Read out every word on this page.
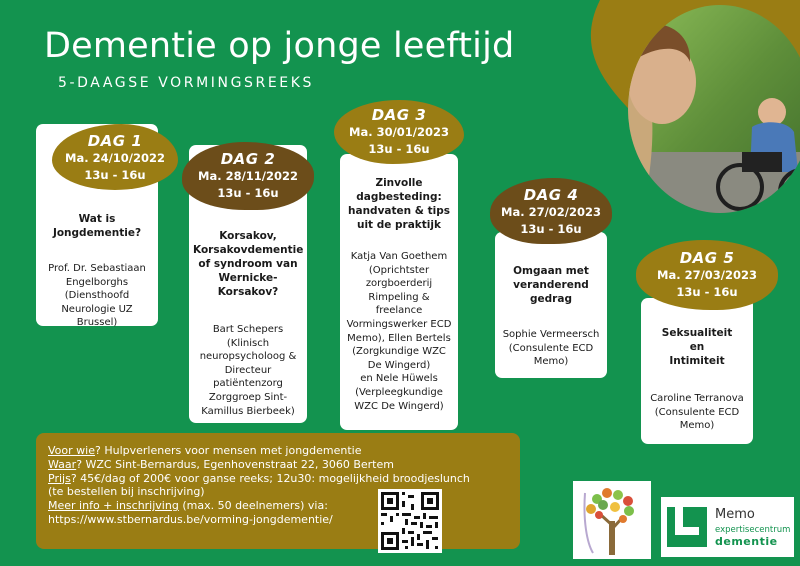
Dementie op jonge leeftijd
5-DAAGSE VORMINGSREEKS
Wat is
Jongdementie?
Prof. Dr. Sebastiaan
Engelborghs
(Diensthoofd
Neurologie UZ
Brussel)
DAG 1
Ma. 24/10/2022
13u - 16u
Korsakov,
Korsakovdementie
of syndroom van
Wernicke-
Korsakov?
Bart Schepers
(Klinisch
neuropsycholoog &
Directeur
patiëntenzorg
Zorggroep Sint-
Kamillus Bierbeek)
DAG 2
Ma. 28/11/2022
13u - 16u
Zinvolle
dagbesteding:
handvaten & tips
uit de praktijk
Katja Van Goethem
(Oprichtster
zorgboerderij
Rimpeling &
freelance
Vormingswerker ECD
Memo), Ellen Bertels
(Zorgkundige WZC
De Wingerd)
en Nele Hüwels
(Verpleegkundige
WZC De Wingerd)
DAG 3
Ma. 30/01/2023
13u - 16u
Omgaan met
veranderend
gedrag
Sophie Vermeersch
(Consulente ECD
Memo)
DAG 4
Ma. 27/02/2023
13u - 16u
Seksualiteit
en
Intimiteit
Caroline Terranova
(Consulente ECD
Memo)
DAG 5
Ma. 27/03/2023
13u - 16u
Voor wie? Hulpverleners voor mensen met jongdementie
Waar? WZC Sint-Bernardus, Egenhovenstraat 22, 3060 Bertem
Prijs? 45€/dag of 200€ voor ganse reeks; 12u30: mogelijkheid broodjeslunch
(te bestellen bij inschrijving)
Meer info + inschrijving (max. 50 deelnemers) via:
https://www.stbernardus.be/vorming-jongdementie/	Memo
expertisecentrum
dementie
